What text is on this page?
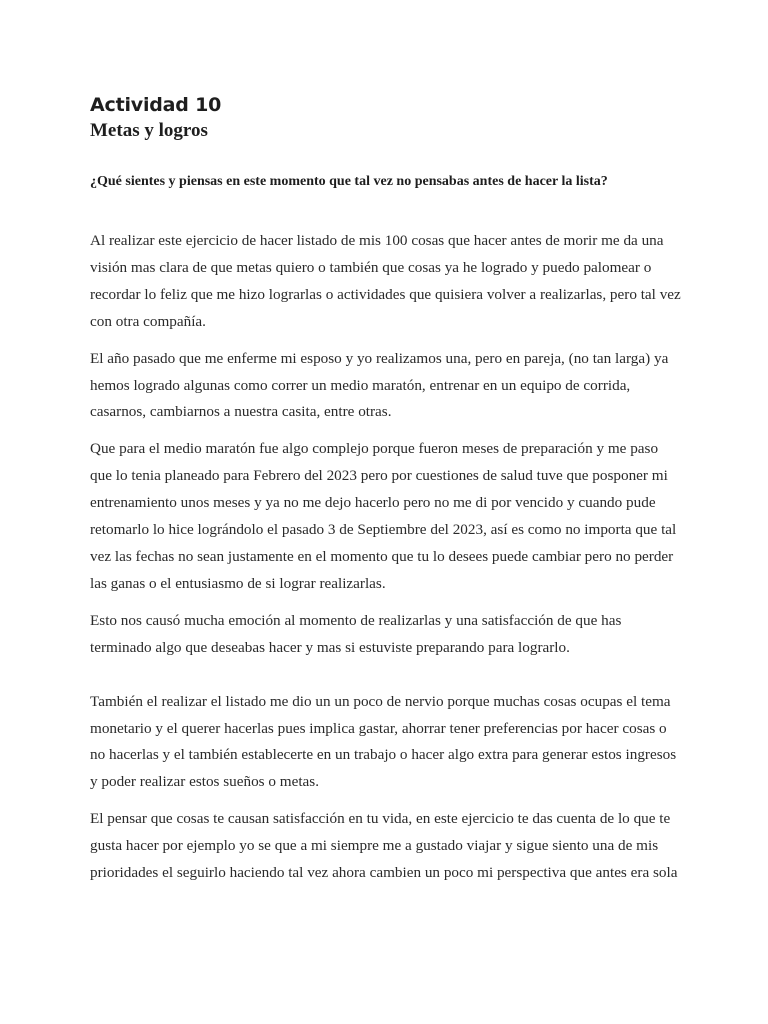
Actividad 10
Metas y logros

¿Qué sientes y piensas en este momento que tal vez no pensabas antes de hacer la lista?

Al realizar este ejercicio de hacer listado de mis 100 cosas que hacer antes de morir me da una
visión mas clara de que metas quiero o también que cosas ya he logrado y puedo palomear o
recordar lo feliz que me hizo lograrlas o actividades que quisiera volver a realizarlas, pero tal vez
con otra compañía.

El año pasado que me enferme mi esposo y yo realizamos una, pero en pareja, (no tan larga) ya
hemos logrado algunas como correr un medio maratón, entrenar en un equipo de corrida,
casarnos, cambiarnos a nuestra casita, entre otras.

Que para el medio maratón fue algo complejo porque fueron meses de preparación y me paso
que lo tenia planeado para Febrero del 2023 pero por cuestiones de salud tuve que posponer mi
entrenamiento unos meses y ya no me dejo hacerlo pero no me di por vencido y cuando pude
retomarlo lo hice lográndolo el pasado 3 de Septiembre del 2023, así es como no importa que tal
vez las fechas no sean justamente en el momento que tu lo desees puede cambiar pero no perder
las ganas o el entusiasmo de si lograr realizarlas.

Esto nos causó mucha emoción al momento de realizarlas y una satisfacción de que has
terminado algo que deseabas hacer y mas si estuviste preparando para lograrlo.

También el realizar el listado me dio un un poco de nervio porque muchas cosas ocupas el tema
monetario y el querer hacerlas pues implica gastar, ahorrar tener preferencias por hacer cosas o
no hacerlas y el también establecerte en un trabajo o hacer algo extra para generar estos ingresos
y poder realizar estos sueños o metas.

El pensar que cosas te causan satisfacción en tu vida, en este ejercicio te das cuenta de lo que te
gusta hacer por ejemplo yo se que a mi siempre me a gustado viajar y sigue siento una de mis
prioridades el seguirlo haciendo tal vez ahora cambien un poco mi perspectiva que antes era sola
